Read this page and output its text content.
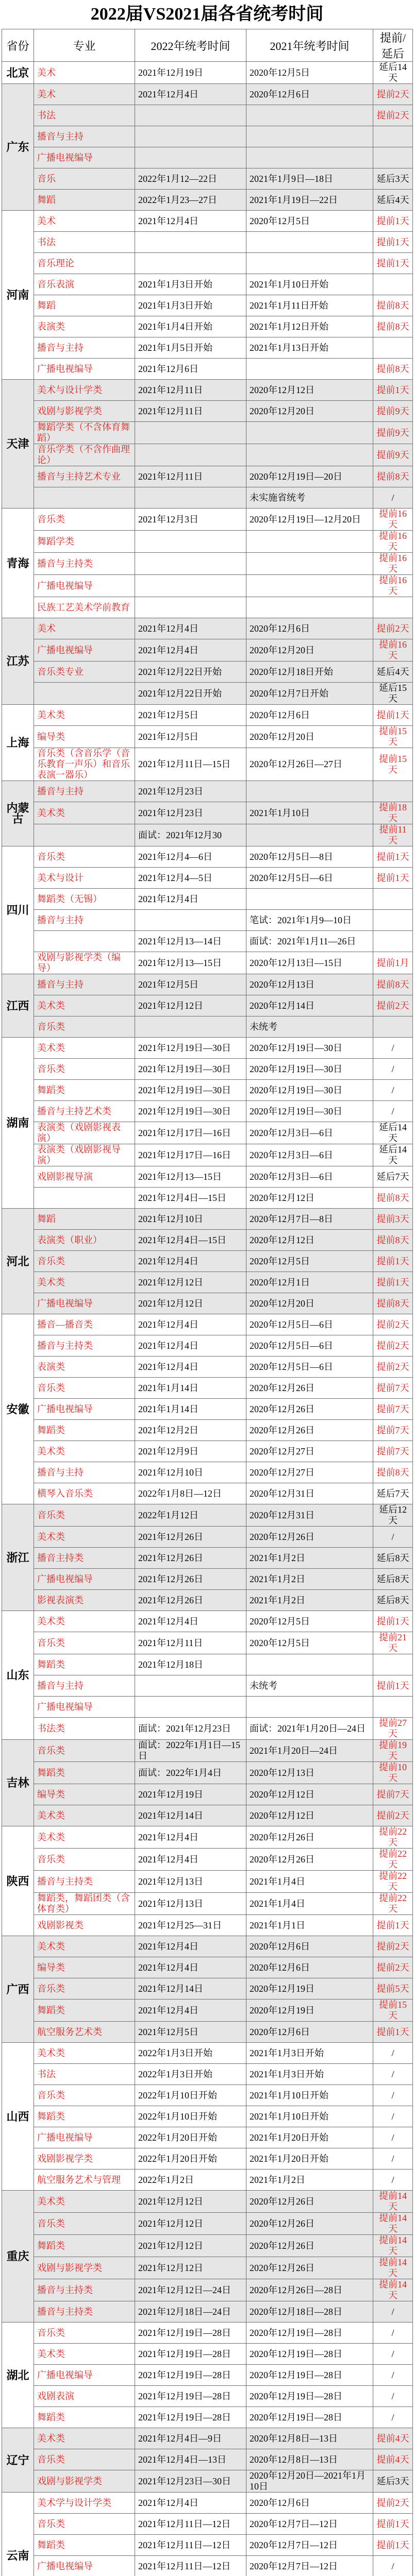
2022届VS2021届各省统考时间
省份	专业	2022年统考时间	2021年统考时间	提前/延后
北京	美术	2021年12月19日	2020年12月5日	延后14天
广东	美术	2021年12月4日	2020年12月6日	提前2天
	书法			提前2天
	播音与主持			
	广播电视编导			
	音乐	2022年1月12—22日	2021年1月9日—18日	延后3天
	舞蹈	2022年1月23—27日	2021年1月19日—22日	延后4天
河南	美术	2021年12月4日	2020年12月5日	提前1天
	书法			提前1天
	音乐理论			提前1天
	音乐表演	2021年1月3日开始	2021年1月10日开始	
	舞蹈	2021年1月3日开始	2021年1月11日开始	提前8天
	表演类	2021年1月4日开始	2021年1月12日开始	提前8天
	播音与主持	2021年1月5日开始	2021年1月13日开始	
	广播电视编导	2021年12月6日		提前8天
天津	美术与设计学类	2021年12月11日	2020年12月12日	提前1天
	戏剧与影视学类	2021年12月11日	2020年12月20日	提前9天
	舞蹈学类（不含体育舞蹈）			提前9天
	音乐学类（不含作曲理论）			提前9天
	播音与主持艺术专业	2021年12月11日	2020年12月19日—20日	提前8天
			未实施省统考	/
青海	音乐类	2021年12月3日	2020年12月19日—12月20日	提前16天
	舞蹈学类			提前16天
	播音与主持类			提前16天
	广播电视编导			提前16天
	民族工艺美术学前教育			
江苏	美术	2021年12月4日	2020年12月6日	提前2天
	广播电视编导	2021年12月4日	2020年12月20日	提前16天
	音乐类专业	2021年12月22日开始	2020年12月18日开始	延后4天
		2021年12月22日开始	2020年12月7日开始	延后15天
上海	美术类	2021年12月5日	2020年12月6日	提前1天
	编导类	2021年12月5日	2020年12月20日	提前15天
	音乐类（含音乐学（音乐教育一声乐）和音乐表演一器乐）	2021年12月11日—15日	2020年12月26日—27日	提前15天
内蒙古	播音与主持	2021年12月23日		
	美术类	2021年12月23日	2021年1月10日	提前18天
		面试：2021年12月30		提前11天
四川	音乐类	2021年12月4—6日	2020年12月5日—8日	提前1天
	美术与设计	2021年12月4—5日	2020年12月5日—6日	提前1天
	舞蹈类（无锡）	2021年12月4日		
	播音与主持		笔试：2021年1月9—10日	
		2021年12月13—14日	面试：2021年1月11—26日	
	戏剧与影视学类（编导）	2021年12月13—15日	2020年12月13日—15日	提前1月
江西	播音与主持	2021年12月5日	2020年12月13日	提前8天
	美术类	2021年12月12日	2020年12月14日	提前2天
	音乐类		未统考	
湖南	美术类	2021年12月19日—30日	2020年12月19日—30日	/
	音乐类	2021年12月19日—30日	2020年12月19日—30日	/
	舞蹈类	2021年12月19日—30日	2020年12月19日—30日	/
	播音与主持艺术类	2021年12月19日—30日	2020年12月19日—30日	/
	表演类（戏剧影视表演）	2021年12月17日—16日	2020年12月3日—6日	延后14天
	表演类（戏剧影视导演）	2021年12月17日—16日	2020年12月3日—6日	延后14天
	戏剧影视导演	2021年12月13—15日	2020年12月3日—6日	延后7天
		2021年12月4日—15日	2020年12月12日	提前8天
河北	舞蹈	2021年12月10日	2020年12月7日—8日	提前3天
	表演类（职业）	2021年12月4日—15日	2020年12月12日	提前8天
	音乐类	2021年12月4日	2020年12月5日	提前1天
	美术类	2021年12月12日	2020年12月1日	提前1天
	广播电视编导	2021年12月12日	2020年12月20日	提前8天
安徽	播音—播音类	2021年12月4日	2020年12月5日—6日	提前2天
	播音与主持类	2021年12月4日	2020年12月5日—6日	提前2天
	表演类	2021年12月4日	2020年12月5日—6日	提前2天
	音乐类	2021年1月14日	2020年12月26日	提前7天
	广播电视编导	2021年1月14日	2020年12月26日	提前7天
	舞蹈类	2021年12月2日	2020年12月26日	提前7天
	美术类	2021年12月9日	2020年12月27日	提前7天
	播音与主持	2021年12月10日	2020年12月27日	提前8天
	横琴入音乐类	2022年1月8日—12日	2020年12月31日	延后7天
浙江	音乐类	2022年1月12日	2020年12月31日	延后12天
	美术类	2021年12月26日	2020年12月26日	/
	播音主持类	2021年12月26日	2021年1月2日	延后8天
	广播电视编导	2021年12月26日	2021年1月2日	延后8天
	影视表演类	2021年12月26日	2021年1月2日	延后8天
山东	美术类	2021年12月4日	2020年12月5日	提前1天
	音乐类	2021年12月11日	2020年12月5日	提前21天
	舞蹈类	2021年12月18日		
	播音与主持		未统考	提前1天
	广播电视编导			
	书法类	面试：2021年12月23日	面试：2021年1月20日—24日	提前27天
吉林	音乐类	面试：2022年1月1日—15日	2021年1月20日—24日	提前19天
	舞蹈类	面试：2022年1月4日	2020年12月13日	提前10天
	编导类	2021年12月19日	2020年12月12日	提前7天
	美术类	2021年12月14日	2020年12月12日	提前2天
陕西	美术类	2021年12月4日	2020年12月26日	提前22天
	音乐类	2021年12月4日	2020年12月26日	提前22天
	播音与主持类	2021年12月13日	2021年1月4日	提前22天
	舞蹈类，舞蹈团类（含体育类）	2021年12月13日	2021年1月4日	提前22天
	戏剧影视类	2021年12月25—31日	2021年1月1日	提前1天
广西	美术类	2021年12月4日	2020年12月6日	提前2天
	编导类	2021年12月4日	2020年12月6日	提前2天
	音乐类	2021年12月14日	2020年12月19日	提前5天
	舞蹈类	2021年12月4日	2020年12月19日	提前15天
	航空服务艺术类	2021年12月5日	2020年12月6日	提前1天
山西	美术类	2022年1月3日开始	2021年1月3日开始	/
	书法	2022年1月3日开始	2021年1月3日开始	/
	音乐类	2022年1月10日开始	2021年1月10日开始	/
	舞蹈类	2022年1月10日开始	2021年1月10日开始	/
	广播电视编导	2022年1月20日开始	2021年1月20日开始	/
	戏剧影视学类	2022年1月20日开始	2021年1月20日开始	/
	航空服务艺术与管理	2022年1月2日	2021年1月2日	/
重庆	美术类	2021年12月12日	2020年12月26日	提前14天
	音乐类	2021年12月12日	2020年12月26日	提前14天
	舞蹈类	2021年12月12日	2020年12月26日	提前14天
	戏剧与影视学类	2021年12月12日	2020年12月26日	提前14天
	播音与主持类	2021年12月12日—24日	2020年12月26日—28日	提前14天
	播音与主持类	2021年12月18日—24日	2020年12月18日—28日	/
湖北	音乐类	2021年12月19日—28日	2020年12月19日—28日	/
	美术类	2021年12月19日—28日	2020年12月19日—28日	/
	广播电视编导	2021年12月19日—28日	2020年12月19日—28日	/
	戏剧表演	2021年12月19日—28日	2020年12月19日—28日	/
	舞蹈类	2021年12月19日—28日	2020年12月19日—28日	/
辽宁	美术类	2021年12月4日—9日	2020年12月8日—13日	提前4天
	音乐类	2021年12月4日—13日	2020年12月8日—13日	提前4天
	戏剧与影视学类	2021年12月23日—30日	2020年12月20日—2021年1月10日	延后3天
云南	美术学与设计学类	2021年12月4日	2020年12月6日	提前2天
	音乐类	2021年12月11日—12日	2020年12月7日—12日	提前1天
	舞蹈类	2021年12月11日—12日	2020年12月7日—12日	提前1天
	广播电视编导	2021年12月11日—12日	2020年12月7日—12日	/
